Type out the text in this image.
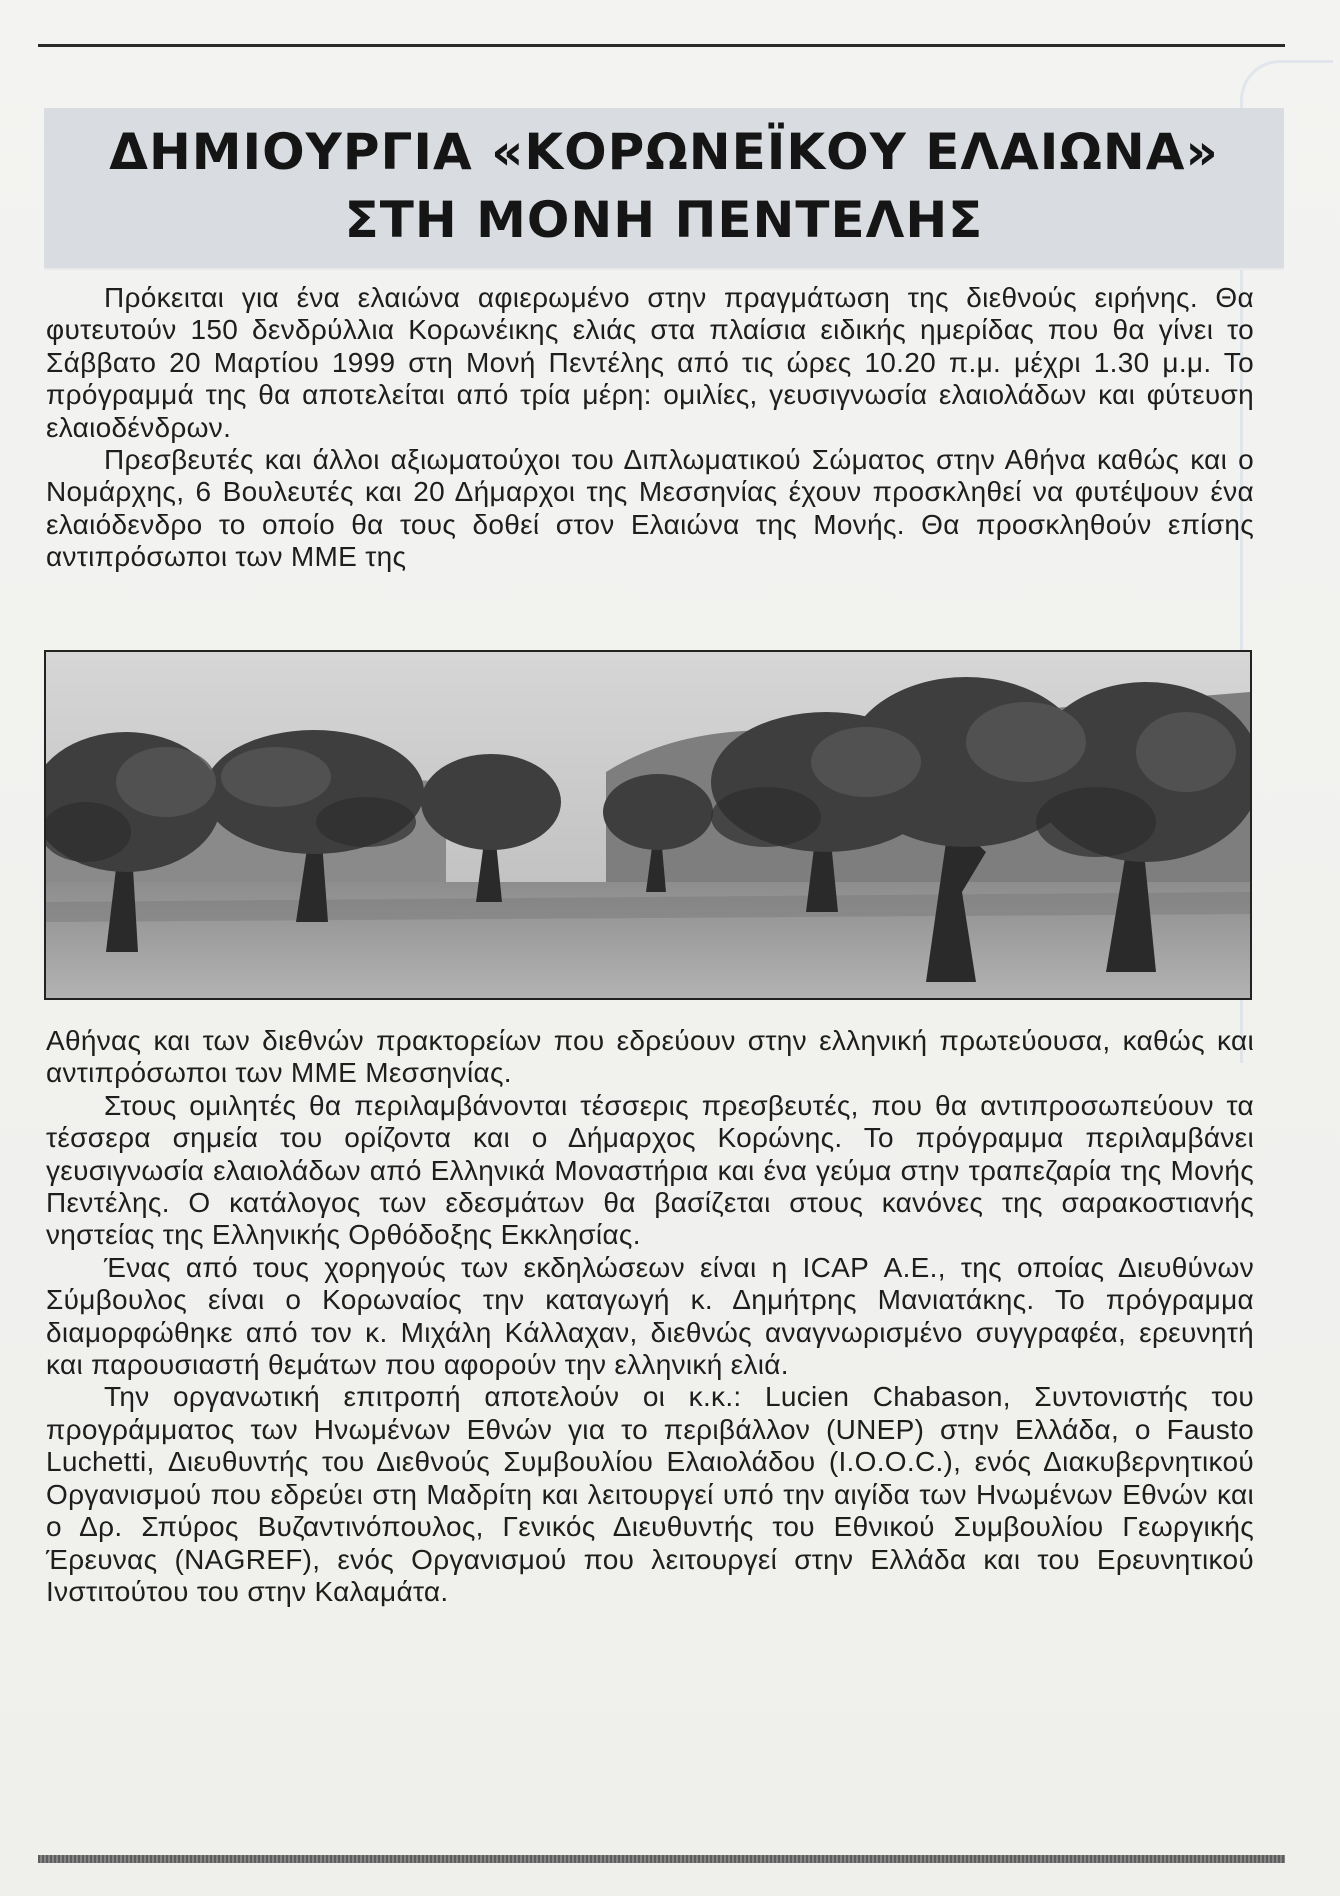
ΔΗΜΙΟΥΡΓΙΑ «ΚΟΡΩΝΕΪΚΟΥ ΕΛΑΙΩΝΑ»
ΣΤΗ ΜΟΝΗ ΠΕΝΤΕΛΗΣ

Πρόκειται για ένα ελαιώνα αφιερωμένο στην πραγμάτωση της διεθνούς ειρήνης. Θα φυτευτούν 150 δενδρύλλια Κορωνέικης ελιάς στα πλαίσια ειδικής ημερίδας που θα γίνει το Σάββατο 20 Μαρτίου 1999 στη Μονή Πεντέλης από τις ώρες 10.20 π.μ. μέχρι 1.30 μ.μ. Το πρόγραμμά της θα αποτελείται από τρία μέρη: ομιλίες, γευσιγνωσία ελαιολάδων και φύτευση ελαιοδένδρων.

Πρεσβευτές και άλλοι αξιωματούχοι του Διπλωματικού Σώματος στην Αθήνα καθώς και ο Νομάρχης, 6 Βουλευτές και 20 Δήμαρχοι της Μεσσηνίας έχουν προσκληθεί να φυτέψουν ένα ελαιόδενδρο το οποίο θα τους δοθεί στον Ελαιώνα της Μονής. Θα προσκληθούν επίσης αντιπρόσωποι των ΜΜΕ της

Αθήνας και των διεθνών πρακτορείων που εδρεύουν στην ελληνική πρωτεύουσα, καθώς και αντιπρόσωποι των ΜΜΕ Μεσσηνίας.

Στους ομιλητές θα περιλαμβάνονται τέσσερις πρεσβευτές, που θα αντιπροσωπεύουν τα τέσσερα σημεία του ορίζοντα και ο Δήμαρχος Κορώνης. Το πρόγραμμα περιλαμβάνει γευσιγνωσία ελαιολάδων από Ελληνικά Μοναστήρια και ένα γεύμα στην τραπεζαρία της Μονής Πεντέλης. Ο κατάλογος των εδεσμάτων θα βασίζεται στους κανόνες της σαρακοστιανής νηστείας της Ελληνικής Ορθόδοξης Εκκλησίας.

Ένας από τους χορηγούς των εκδηλώσεων είναι η ICAP Α.Ε., της οποίας Διευθύνων Σύμβουλος είναι ο Κορωναίος την καταγωγή κ. Δημήτρης Μανιατάκης. Το πρόγραμμα διαμορφώθηκε από τον κ. Μιχάλη Κάλλαχαν, διεθνώς αναγνωρισμένο συγγραφέα, ερευνητή και παρουσιαστή θεμάτων που αφορούν την ελληνική ελιά.

Την οργανωτική επιτροπή αποτελούν οι κ.κ.: Lucien Chabason, Συντονιστής του προγράμματος των Ηνωμένων Εθνών για το περιβάλλον (UNEP) στην Ελλάδα, ο Fausto Luchetti, Διευθυντής του Διεθνούς Συμβουλίου Ελαιολάδου (I.O.O.C.), ενός Διακυβερνητικού Οργανισμού που εδρεύει στη Μαδρίτη και λειτουργεί υπό την αιγίδα των Ηνωμένων Εθνών και ο Δρ. Σπύρος Βυζαντινόπουλος, Γενικός Διευθυντής του Εθνικού Συμβουλίου Γεωργικής Έρευνας (NAGREF), ενός Οργανισμού που λειτουργεί στην Ελλάδα και του Ερευνητικού Ινστιτούτου του στην Καλαμάτα.
